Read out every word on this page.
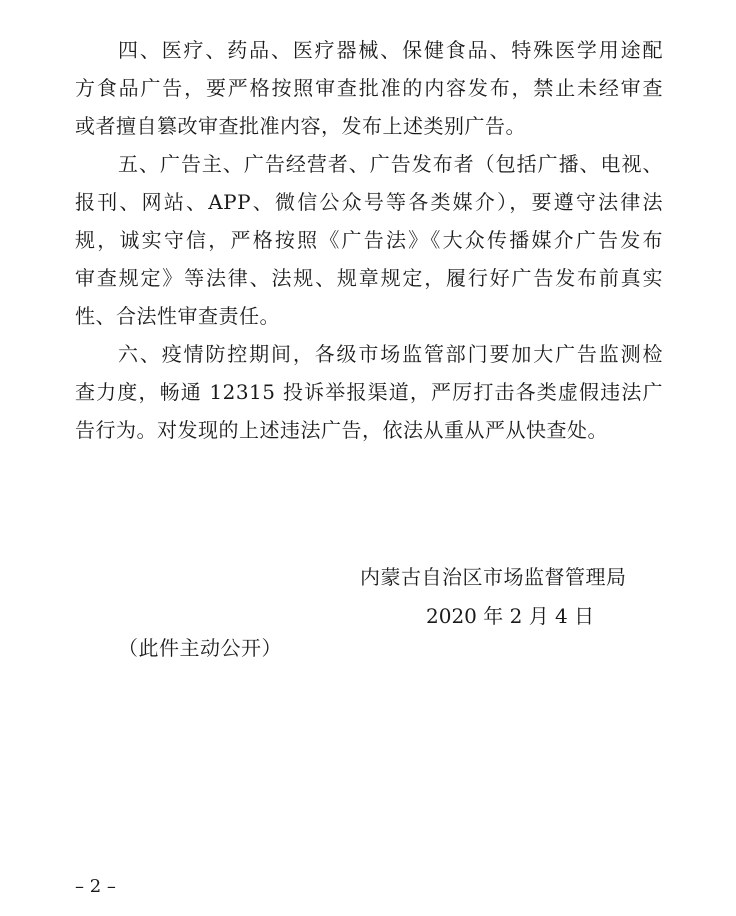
四、医疗、药品、医疗器械、保健食品、特殊医学用途配
方食品广告，要严格按照审查批准的内容发布，禁止未经审查
或者擅自篡改审查批准内容，发布上述类别广告。
五、广告主、广告经营者、广告发布者（包括广播、电视、
报刊、网站、APP、微信公众号等各类媒介），要遵守法律法
规，诚实守信，严格按照《广告法》《大众传播媒介广告发布
审查规定》等法律、法规、规章规定，履行好广告发布前真实
性、合法性审查责任。
六、疫情防控期间，各级市场监管部门要加大广告监测检
查力度，畅通 12315 投诉举报渠道，严厉打击各类虚假违法广
告行为。对发现的上述违法广告，依法从重从严从快查处。
内蒙古自治区市场监督管理局
2020 年 2 月 4 日
（此件主动公开）
– 2 –
